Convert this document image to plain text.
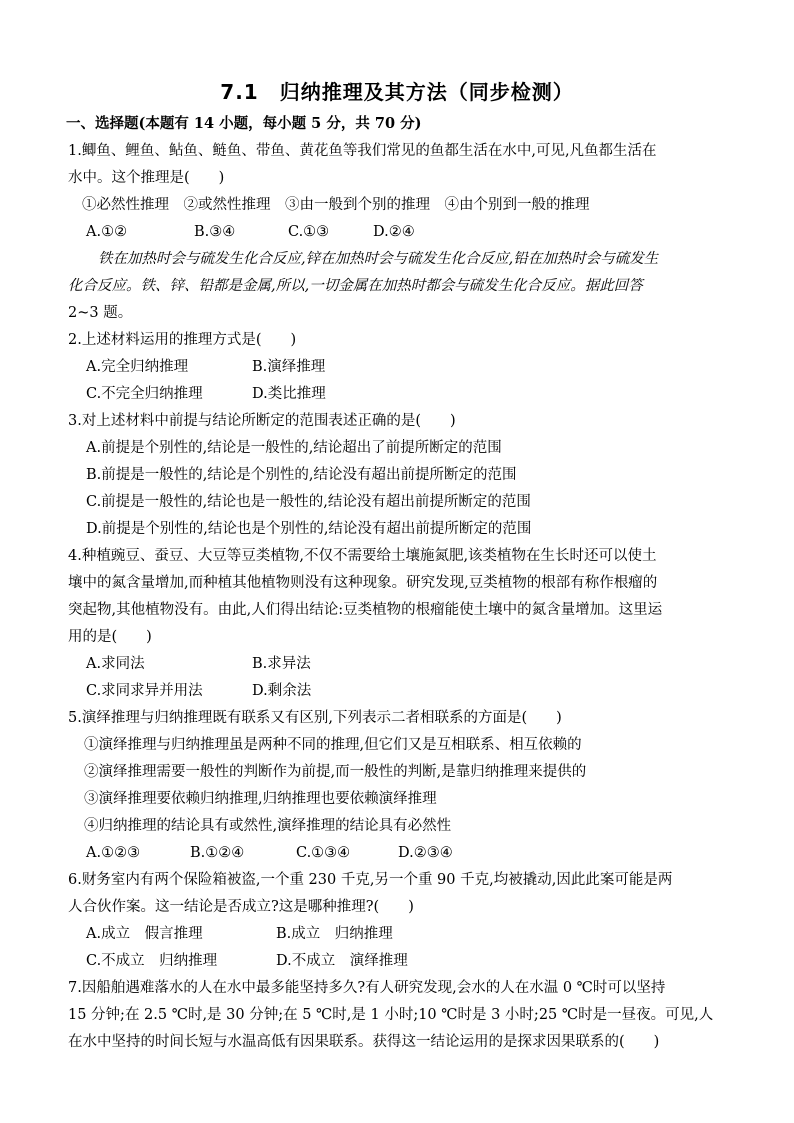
7.1　归纳推理及其方法（同步检测）
一、选择题(本题有 14 小题，每小题 5 分，共 70 分)
1.鲫鱼、鲤鱼、鲇鱼、鲢鱼、带鱼、黄花鱼等我们常见的鱼都生活在水中,可见,凡鱼都生活在
水中。这个推理是(　　)
①必然性推理　②或然性推理　③由一般到个别的推理　④由个别到一般的推理
A.①②	B.③④	C.①③	D.②④
铁在加热时会与硫发生化合反应,锌在加热时会与硫发生化合反应,铅在加热时会与硫发生
化合反应。铁、锌、铅都是金属,所以,一切金属在加热时都会与硫发生化合反应。据此回答
2~3 题。
2.上述材料运用的推理方式是(　　)
A.完全归纳推理	B.演绎推理
C.不完全归纳推理	D.类比推理
3.对上述材料中前提与结论所断定的范围表述正确的是(　　)
A.前提是个别性的,结论是一般性的,结论超出了前提所断定的范围
B.前提是一般性的,结论是个别性的,结论没有超出前提所断定的范围
C.前提是一般性的,结论也是一般性的,结论没有超出前提所断定的范围
D.前提是个别性的,结论也是个别性的,结论没有超出前提所断定的范围
4.种植豌豆、蚕豆、大豆等豆类植物,不仅不需要给土壤施氮肥,该类植物在生长时还可以使土
壤中的氮含量增加,而种植其他植物则没有这种现象。研究发现,豆类植物的根部有称作根瘤的
突起物,其他植物没有。由此,人们得出结论:豆类植物的根瘤能使土壤中的氮含量增加。这里运
用的是(　　)
A.求同法	B.求异法
C.求同求异并用法	D.剩余法
5.演绎推理与归纳推理既有联系又有区别,下列表示二者相联系的方面是(　　)
①演绎推理与归纳推理虽是两种不同的推理,但它们又是互相联系、相互依赖的
②演绎推理需要一般性的判断作为前提,而一般性的判断,是靠归纳推理来提供的
③演绎推理要依赖归纳推理,归纳推理也要依赖演绎推理
④归纳推理的结论具有或然性,演绎推理的结论具有必然性
A.①②③	B.①②④	C.①③④	D.②③④
6.财务室内有两个保险箱被盗,一个重 230 千克,另一个重 90 千克,均被撬动,因此此案可能是两
人合伙作案。这一结论是否成立?这是哪种推理?(　　)
A.成立　假言推理	B.成立　归纳推理
C.不成立　归纳推理	D.不成立　演绎推理
7.因船舶遇难落水的人在水中最多能坚持多久?有人研究发现,会水的人在水温 0 ℃时可以坚持
15 分钟;在 2.5 ℃时,是 30 分钟;在 5 ℃时,是 1 小时;10 ℃时是 3 小时;25 ℃时是一昼夜。可见,人
在水中坚持的时间长短与水温高低有因果联系。获得这一结论运用的是探求因果联系的(　　)
